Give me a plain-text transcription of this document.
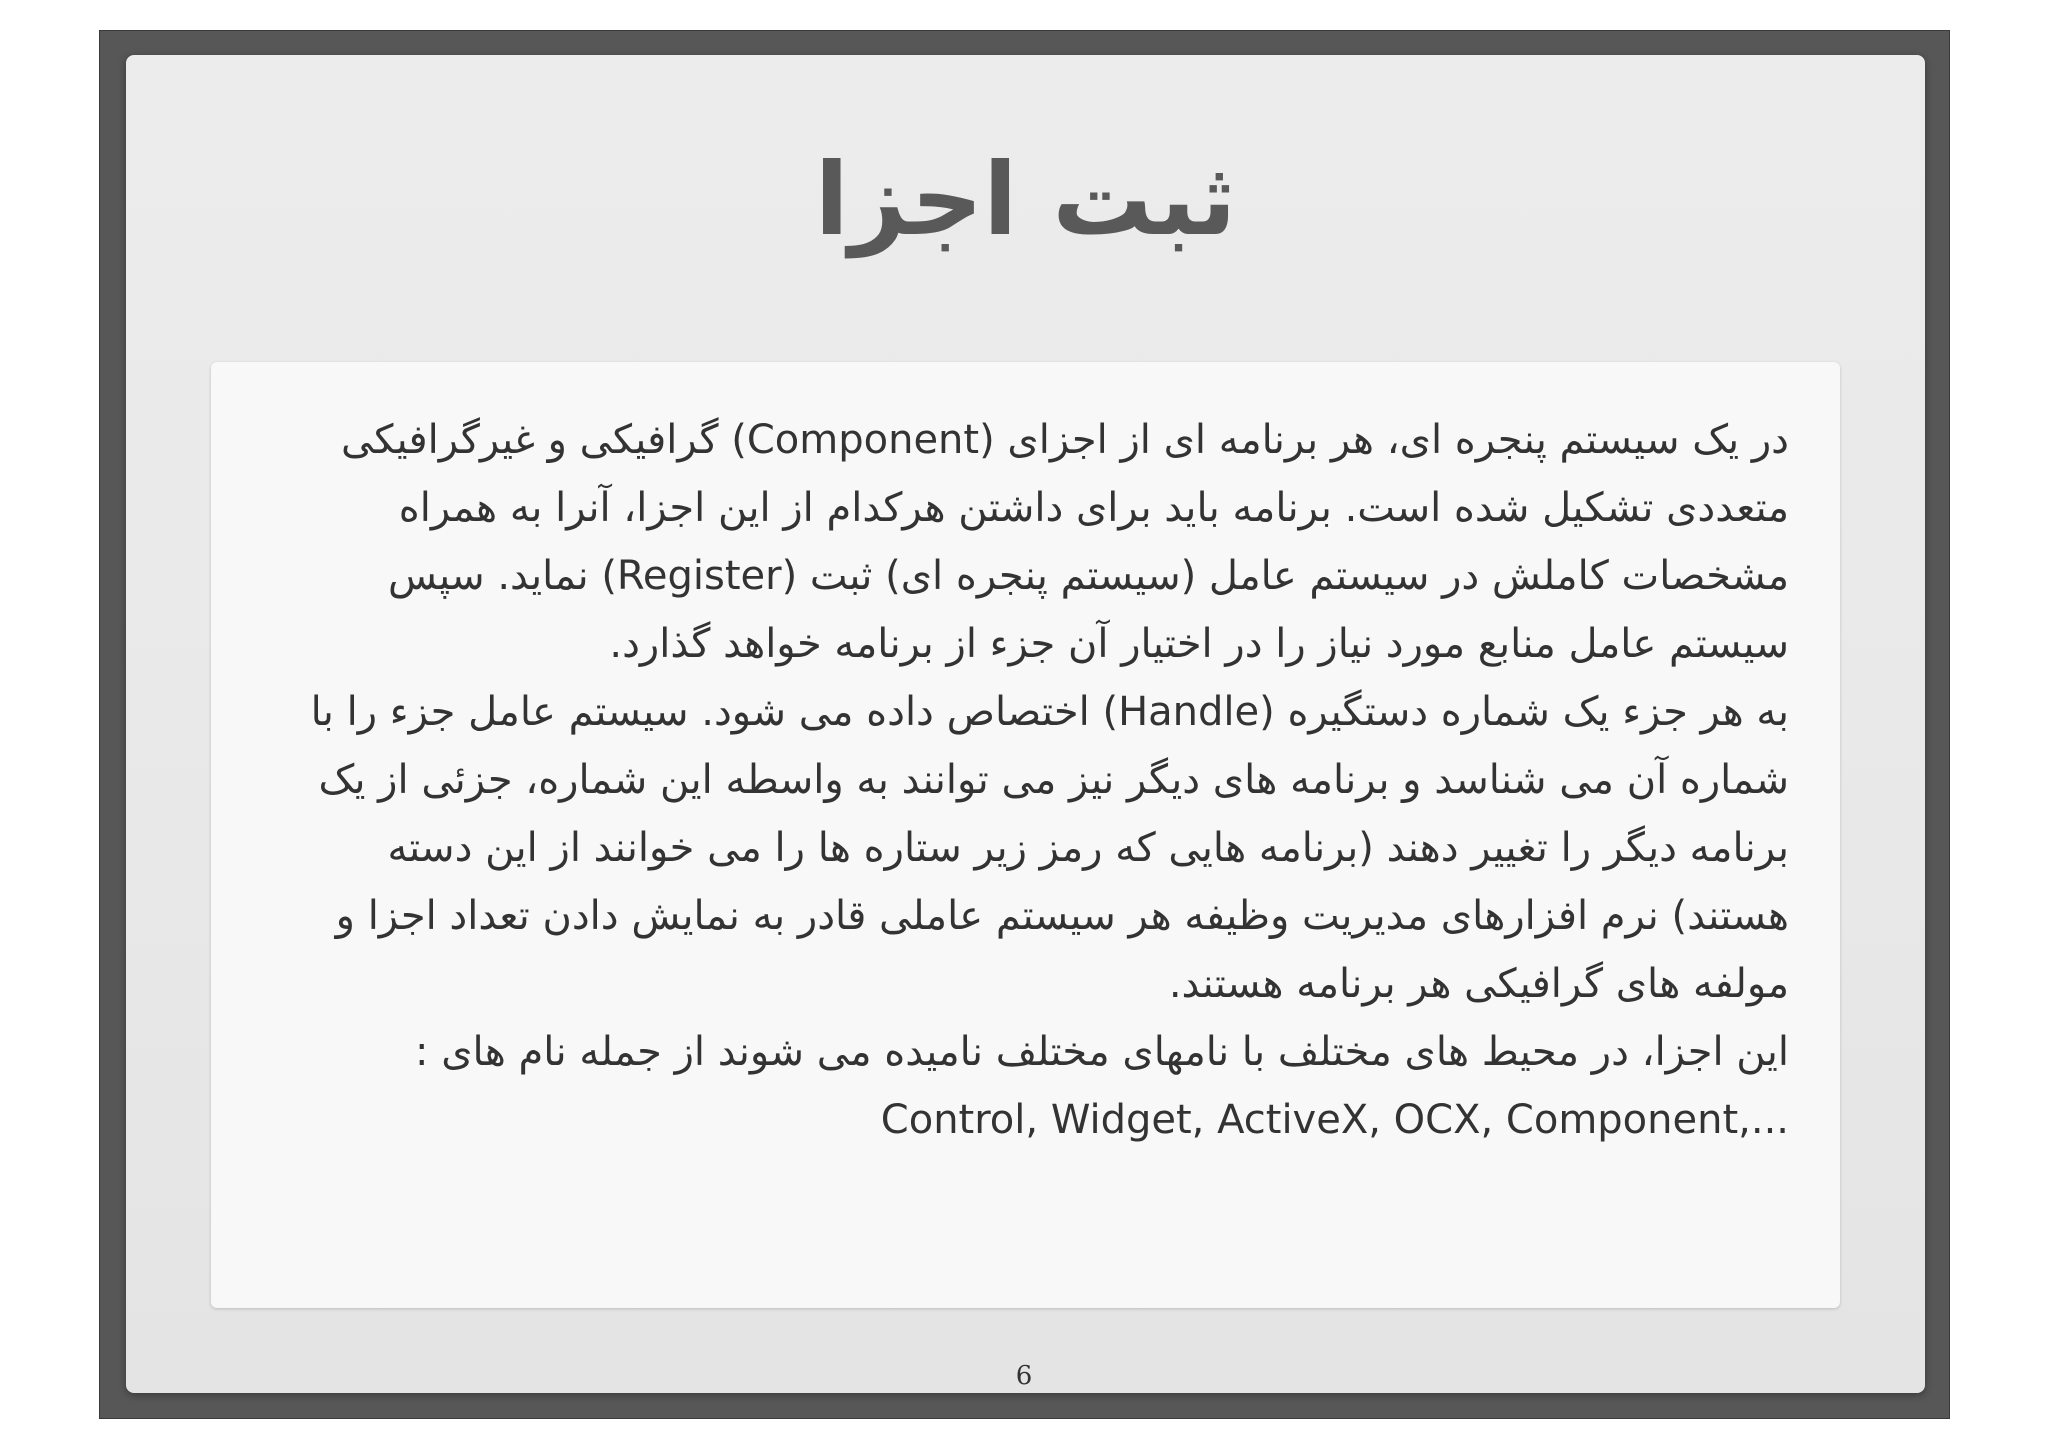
ثبت اجزا

در یک سیستم پنجره ای، هر برنامه ای از اجزای (Component) گرافیکی و غیرگرافیکی متعددی تشکیل شده است. برنامه باید برای داشتن هرکدام از این اجزا، آنرا به همراه مشخصات کاملش در سیستم عامل (سیستم پنجره ای) ثبت (Register) نماید. سپس سیستم عامل منابع مورد نیاز را در اختیار آن جزء از برنامه خواهد گذارد.

به هر جزء یک شماره دستگیره (Handle) اختصاص داده می شود. سیستم عامل جزء را با شماره آن می شناسد و برنامه های دیگر نیز می توانند به واسطه این شماره، جزئی از یک برنامه دیگر را تغییر دهند (برنامه هایی که رمز زیر ستاره ها را می خوانند از این دسته هستند) نرم افزارهای مدیریت وظیفه هر سیستم عاملی قادر به نمایش دادن تعداد اجزا و مولفه های گرافیکی هر برنامه هستند.

این اجزا، در محیط های مختلف با نامهای مختلف نامیده می شوند از جمله نام های :

Control, Widget, ActiveX, OCX, Component,...

6
